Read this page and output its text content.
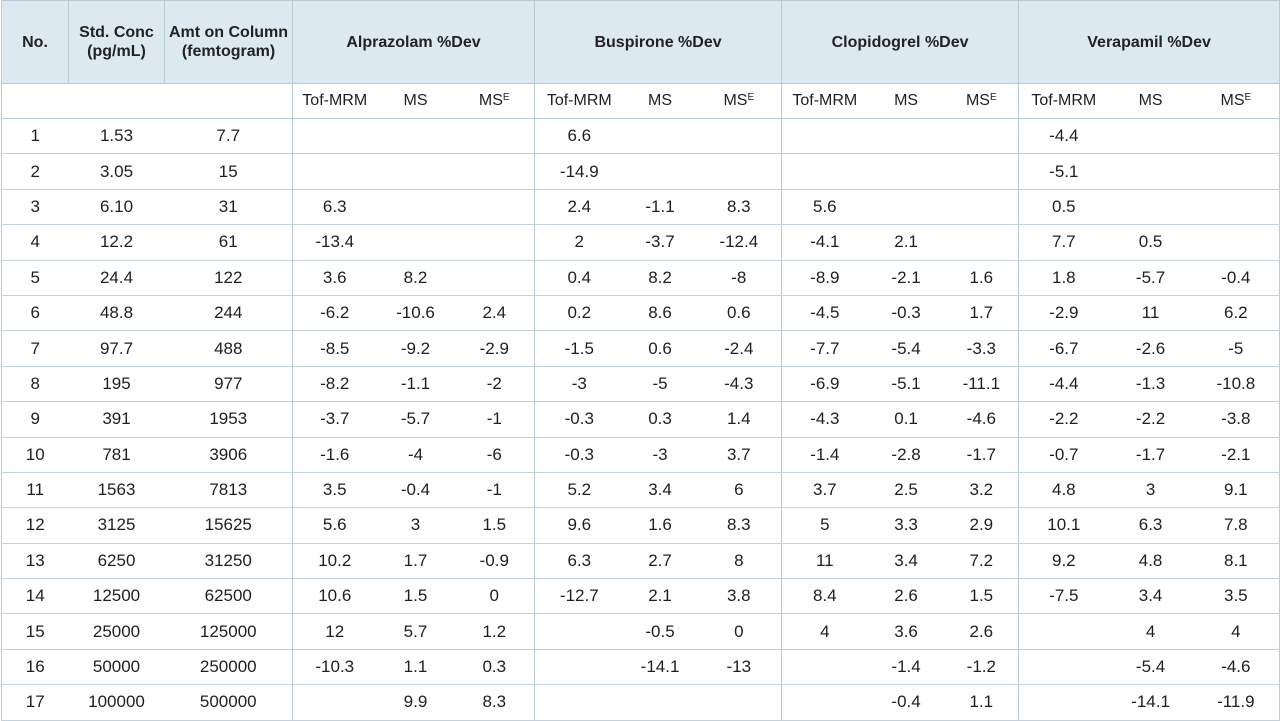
No.	Std. Conc (pg/mL)	Amt on Column (femtogram)	Alprazolam %Dev			Buspirone %Dev			Clopidogrel %Dev			Verapamil %Dev		
			Tof-MRM	MS	$MS^E$	Tof-MRM	MS	$MS^E$	Tof-MRM	MS	$MS^E$	Tof-MRM	MS	$MS^E$
1	1.53	7.7				6.6						-4.4		
2	3.05	15				-14.9						-5.1		
3	6.10	31	6.3			2.4	-1.1	8.3	5.6			0.5		
4	12.2	61	-13.4			2	-3.7	-12.4	-4.1	2.1		7.7	0.5	
5	24.4	122	3.6	8.2		0.4	8.2	-8	-8.9	-2.1	1.6	1.8	-5.7	-0.4
6	48.8	244	-6.2	-10.6	2.4	0.2	8.6	0.6	-4.5	-0.3	1.7	-2.9	11	6.2
7	97.7	488	-8.5	-9.2	-2.9	-1.5	0.6	-2.4	-7.7	-5.4	-3.3	-6.7	-2.6	-5
8	195	977	-8.2	-1.1	-2	-3	-5	-4.3	-6.9	-5.1	-11.1	-4.4	-1.3	-10.8
9	391	1953	-3.7	-5.7	-1	-0.3	0.3	1.4	-4.3	0.1	-4.6	-2.2	-2.2	-3.8
10	781	3906	-1.6	-4	-6	-0.3	-3	3.7	-1.4	-2.8	-1.7	-0.7	-1.7	-2.1
11	1563	7813	3.5	-0.4	-1	5.2	3.4	6	3.7	2.5	3.2	4.8	3	9.1
12	3125	15625	5.6	3	1.5	9.6	1.6	8.3	5	3.3	2.9	10.1	6.3	7.8
13	6250	31250	10.2	1.7	-0.9	6.3	2.7	8	11	3.4	7.2	9.2	4.8	8.1
14	12500	62500	10.6	1.5	0	-12.7	2.1	3.8	8.4	2.6	1.5	-7.5	3.4	3.5
15	25000	125000	12	5.7	1.2		-0.5	0	4	3.6	2.6		4	4
16	50000	250000	-10.3	1.1	0.3		-14.1	-13		-1.4	-1.2		-5.4	-4.6
17	100000	500000		9.9	8.3					-0.4	1.1		-14.1	-11.9
